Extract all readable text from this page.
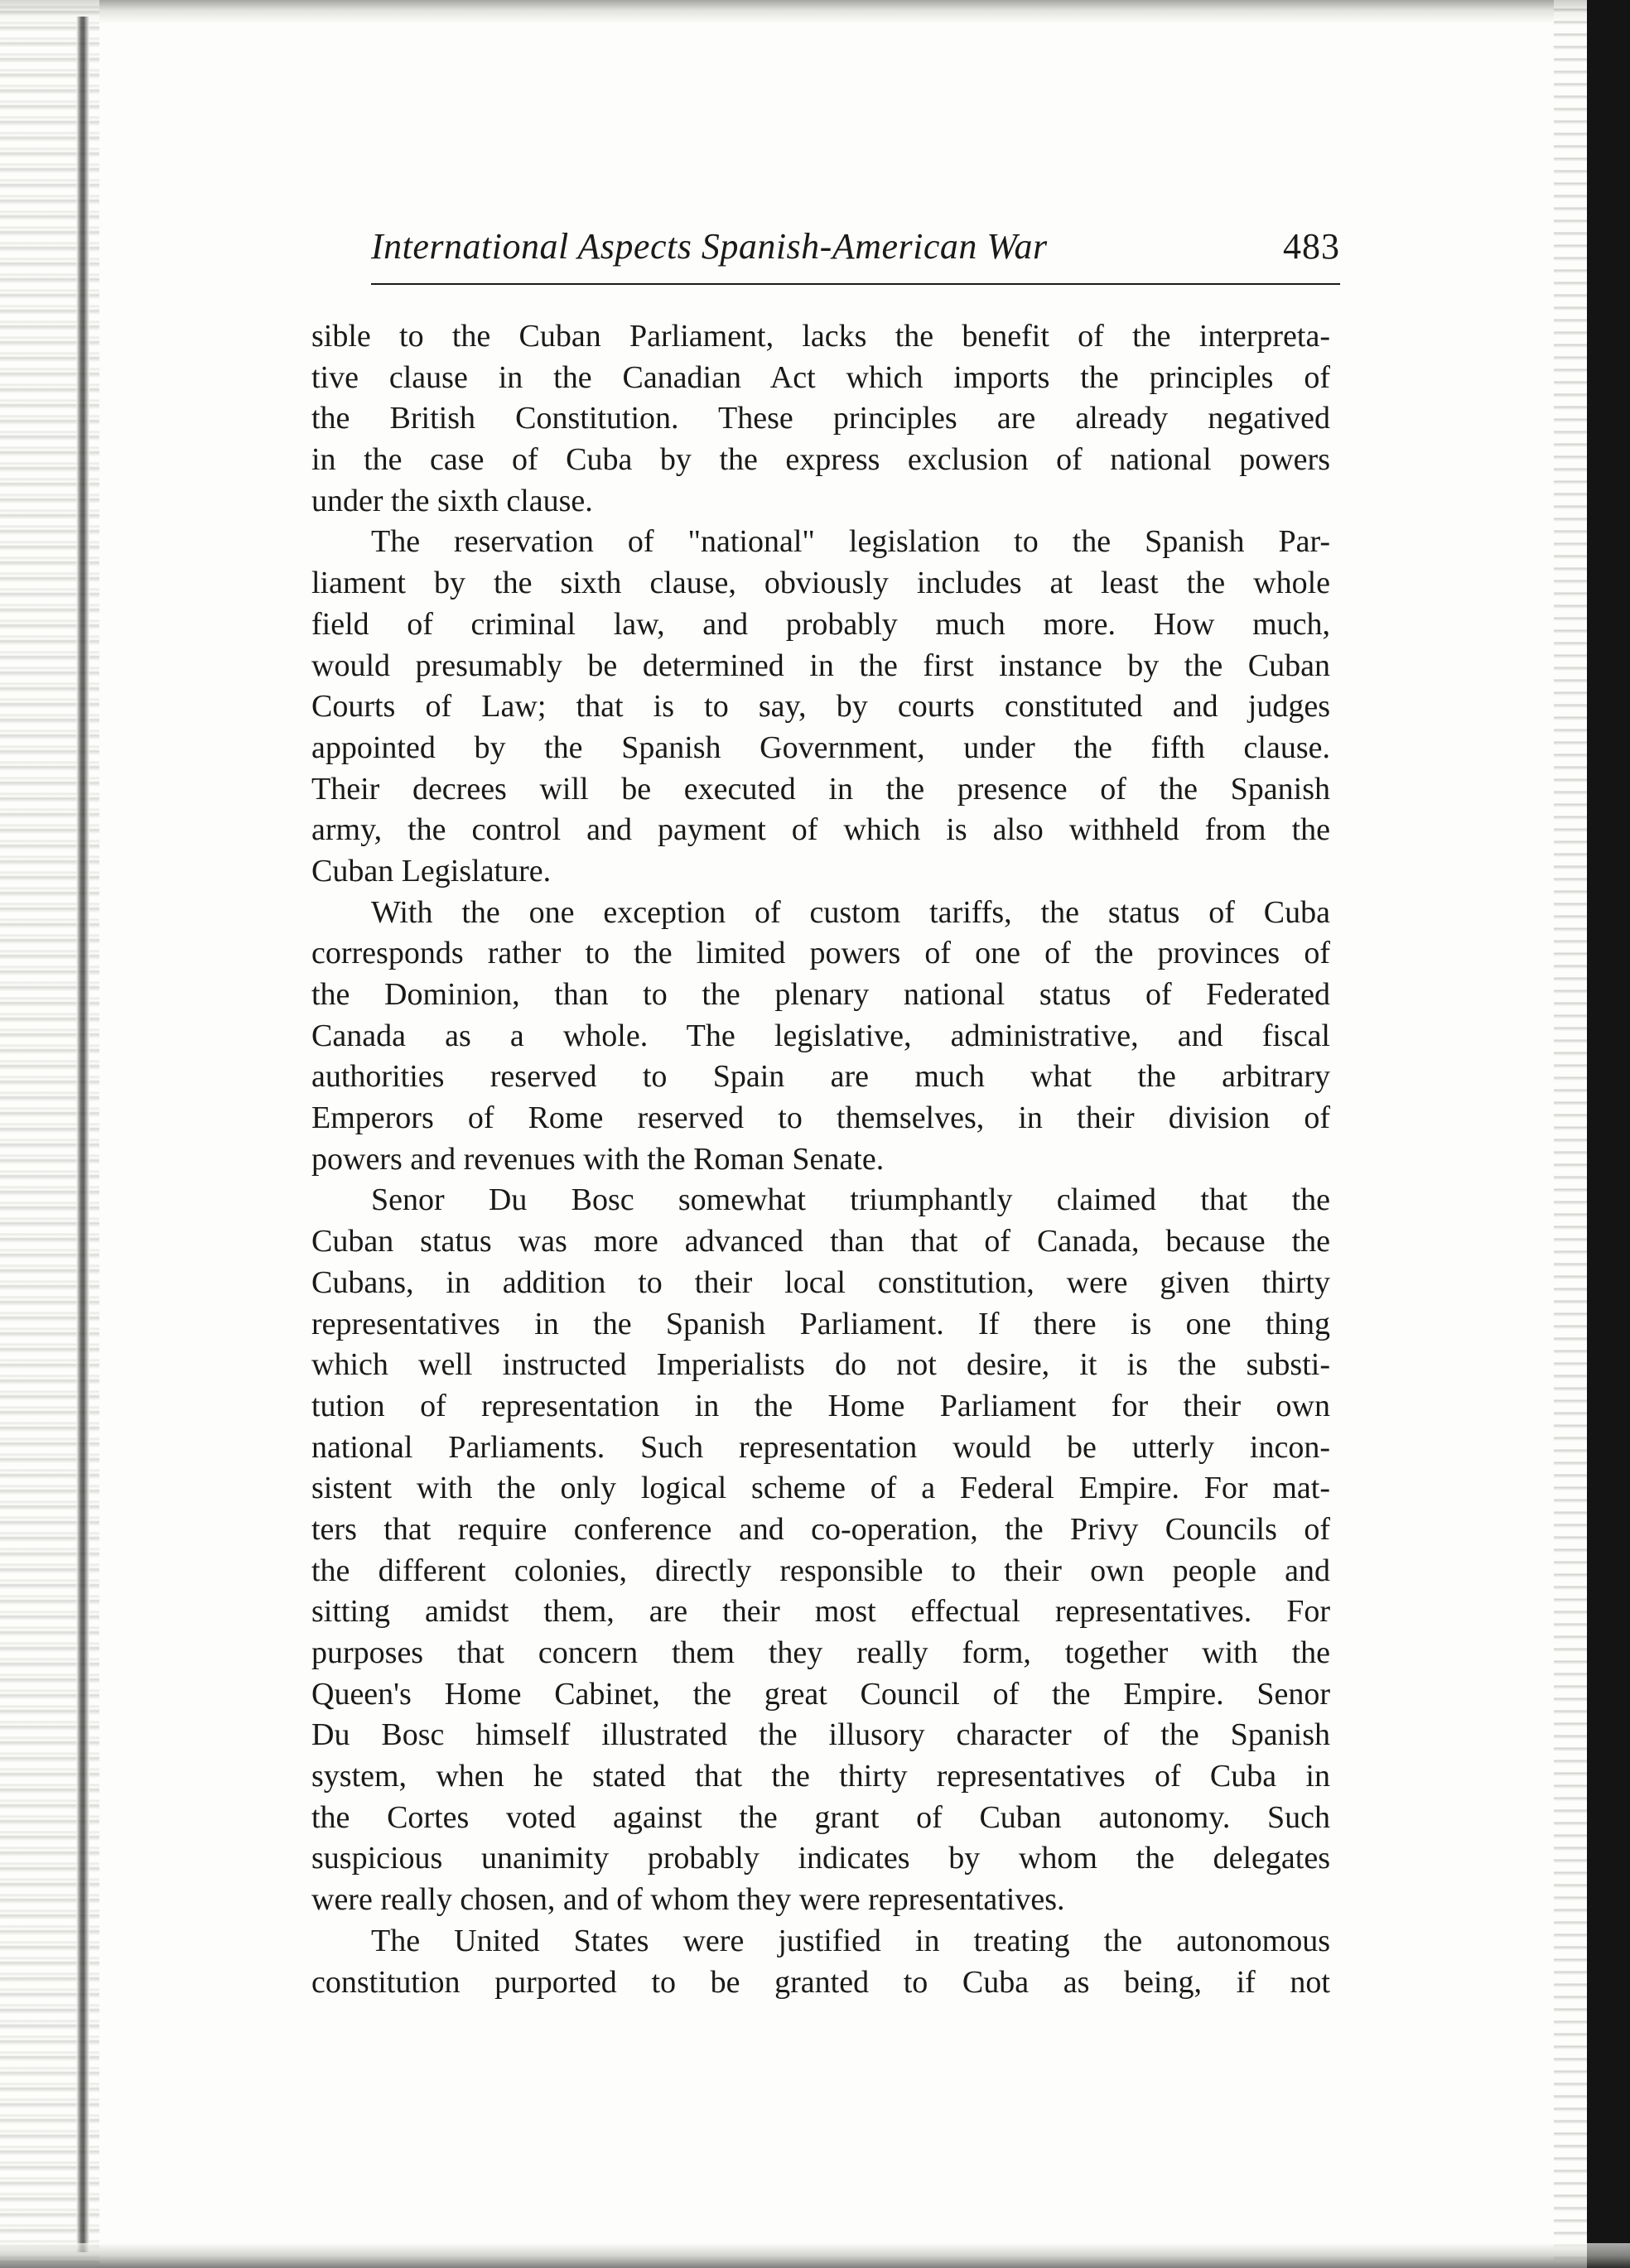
International Aspects Spanish-American War	483
sible to the Cuban Parliament, lacks the benefit of the interpreta-
tive clause in the Canadian Act which imports the principles of
the British Constitution. These principles are already negatived
in the case of Cuba by the express exclusion of national powers
under the sixth clause.
The reservation of "national" legislation to the Spanish Par-
liament by the sixth clause, obviously includes at least the whole
field of criminal law, and probably much more. How much,
would presumably be determined in the first instance by the Cuban
Courts of Law; that is to say, by courts constituted and judges
appointed by the Spanish Government, under the fifth clause.
Their decrees will be executed in the presence of the Spanish
army, the control and payment of which is also withheld from the
Cuban Legislature.
With the one exception of custom tariffs, the status of Cuba
corresponds rather to the limited powers of one of the provinces of
the Dominion, than to the plenary national status of Federated
Canada as a whole. The legislative, administrative, and fiscal
authorities reserved to Spain are much what the arbitrary
Emperors of Rome reserved to themselves, in their division of
powers and revenues with the Roman Senate.
Senor Du Bosc somewhat triumphantly claimed that the
Cuban status was more advanced than that of Canada, because the
Cubans, in addition to their local constitution, were given thirty
representatives in the Spanish Parliament. If there is one thing
which well instructed Imperialists do not desire, it is the substi-
tution of representation in the Home Parliament for their own
national Parliaments. Such representation would be utterly incon-
sistent with the only logical scheme of a Federal Empire. For mat-
ters that require conference and co-operation, the Privy Councils of
the different colonies, directly responsible to their own people and
sitting amidst them, are their most effectual representatives. For
purposes that concern them they really form, together with the
Queen's Home Cabinet, the great Council of the Empire. Senor
Du Bosc himself illustrated the illusory character of the Spanish
system, when he stated that the thirty representatives of Cuba in
the Cortes voted against the grant of Cuban autonomy. Such
suspicious unanimity probably indicates by whom the delegates
were really chosen, and of whom they were representatives.
The United States were justified in treating the autonomous
constitution purported to be granted to Cuba as being, if not
